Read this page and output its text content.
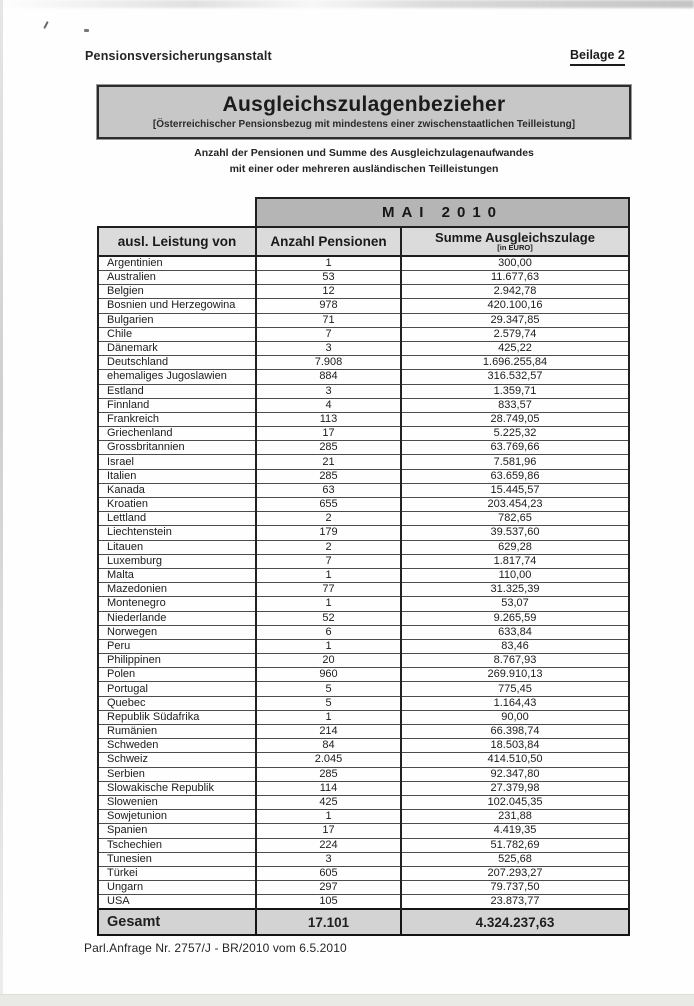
Pensionsversicherungsanstalt	Beilage 2
Ausgleichszulagenbezieher
[Österreichischer Pensionsbezug mit mindestens einer zwischenstaatlichen Teilleistung]
Anzahl der Pensionen und Summe des Ausgleichzulagenaufwandes
mit einer oder mehreren ausländischen Teilleistungen
	MAI 2010	
ausl. Leistung von	Anzahl Pensionen	Summe Ausgleichszulage
[in EURO]

Argentinien	1	300,00
Australien	53	11.677,63
Belgien	12	2.942,78
Bosnien und Herzegowina	978	420.100,16
Bulgarien	71	29.347,85
Chile	7	2.579,74
Dänemark	3	425,22
Deutschland	7.908	1.696.255,84
ehemaliges Jugoslawien	884	316.532,57
Estland	3	1.359,71
Finnland	4	833,57
Frankreich	113	28.749,05
Griechenland	17	5.225,32
Grossbritannien	285	63.769,66
Israel	21	7.581,96
Italien	285	63.659,86
Kanada	63	15.445,57
Kroatien	655	203.454,23
Lettland	2	782,65
Liechtenstein	179	39.537,60
Litauen	2	629,28
Luxemburg	7	1.817,74
Malta	1	110,00
Mazedonien	77	31.325,39
Montenegro	1	53,07
Niederlande	52	9.265,59
Norwegen	6	633,84
Peru	1	83,46
Philippinen	20	8.767,93
Polen	960	269.910,13
Portugal	5	775,45
Quebec	5	1.164,43
Republik Südafrika	1	90,00
Rumänien	214	66.398,74
Schweden	84	18.503,84
Schweiz	2.045	414.510,50
Serbien	285	92.347,80
Slowakische Republik	114	27.379,98
Slowenien	425	102.045,35
Sowjetunion	1	231,88
Spanien	17	4.419,35
Tschechien	224	51.782,69
Tunesien	3	525,68
Türkei	605	207.293,27
Ungarn	297	79.737,50
USA	105	23.873,77
Gesamt	17.101	4.324.237,63
Parl.Anfrage Nr. 2757/J - BR/2010 vom 6.5.2010
